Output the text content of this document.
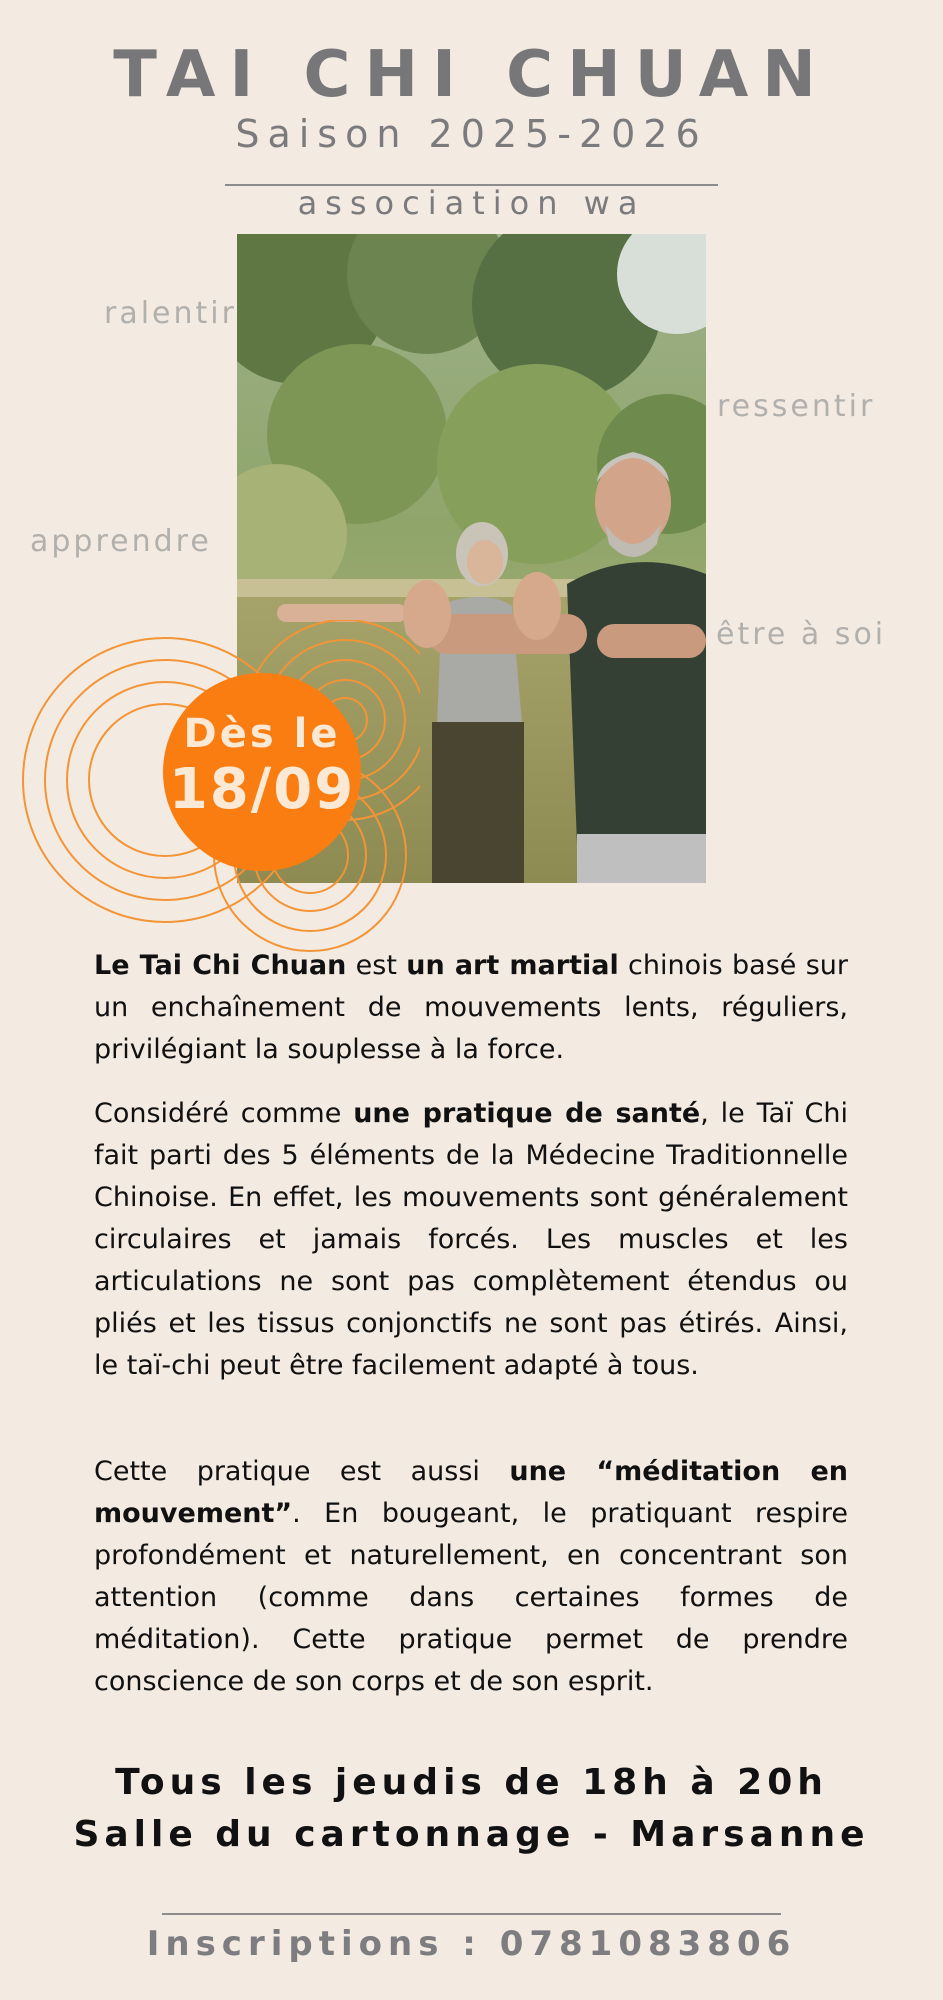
TAI CHI CHUAN
Saison 2025-2026
association wa
ralentir
ressentir
apprendre
être à soi
Dès le
18/09
Le Tai Chi Chuan est un art martial chinois basé sur un enchaînement de mouvements lents, réguliers, privilégiant la souplesse à la force.
Considéré comme une pratique de santé, le Taï Chi fait parti des 5 éléments de la Médecine Traditionnelle Chinoise. En effet, les mouvements sont généralement circulaires et jamais forcés. Les muscles et les articulations ne sont pas complètement étendus ou pliés et les tissus conjonctifs ne sont pas étirés. Ainsi, le taï-chi peut être facilement adapté à tous.
Cette pratique est aussi une “méditation en mouvement”. En bougeant, le pratiquant respire profondément et naturellement, en concentrant son attention (comme dans certaines formes de méditation). Cette pratique permet de prendre conscience de son corps et de son esprit.
Tous les jeudis de 18h à 20h
Salle du cartonnage - Marsanne
Inscriptions : 0781083806
